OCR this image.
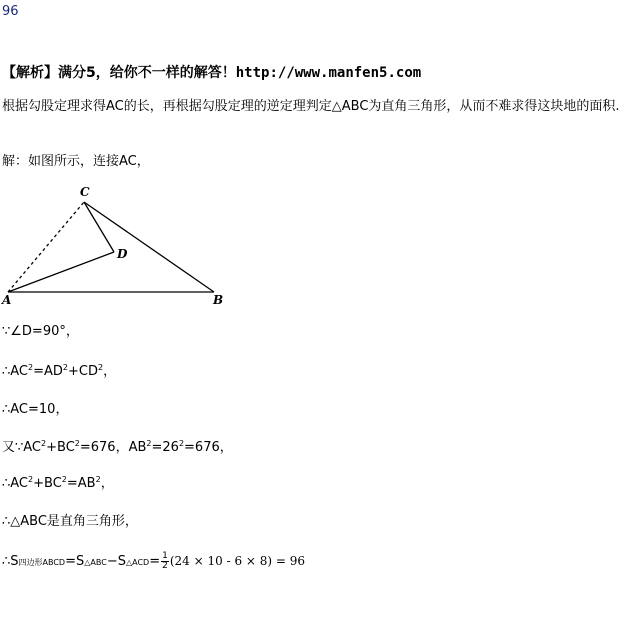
96
【解析】满分5，给你不一样的解答！http://www.manfen5.com
根据勾股定理求得AC的长，再根据勾股定理的逆定理判定△ABC为直角三角形，从而不难求得这块地的面积.
解：如图所示，连接AC，
C
D
A	B
∵∠D=90°，
$\therefore AC^2=AD^2+CD^2$，
∴AC=10，
又$\because AC^2+BC^2=676$，$AB^2=26^2=676$，
$\therefore AC^2+BC^2=AB^2$，
∴△ABC是直角三角形，
∴S四边形ABCD=S△ABC−S△ACD= $\frac{1}{2} (24 \times 10 - 6 \times 8) = 96$
